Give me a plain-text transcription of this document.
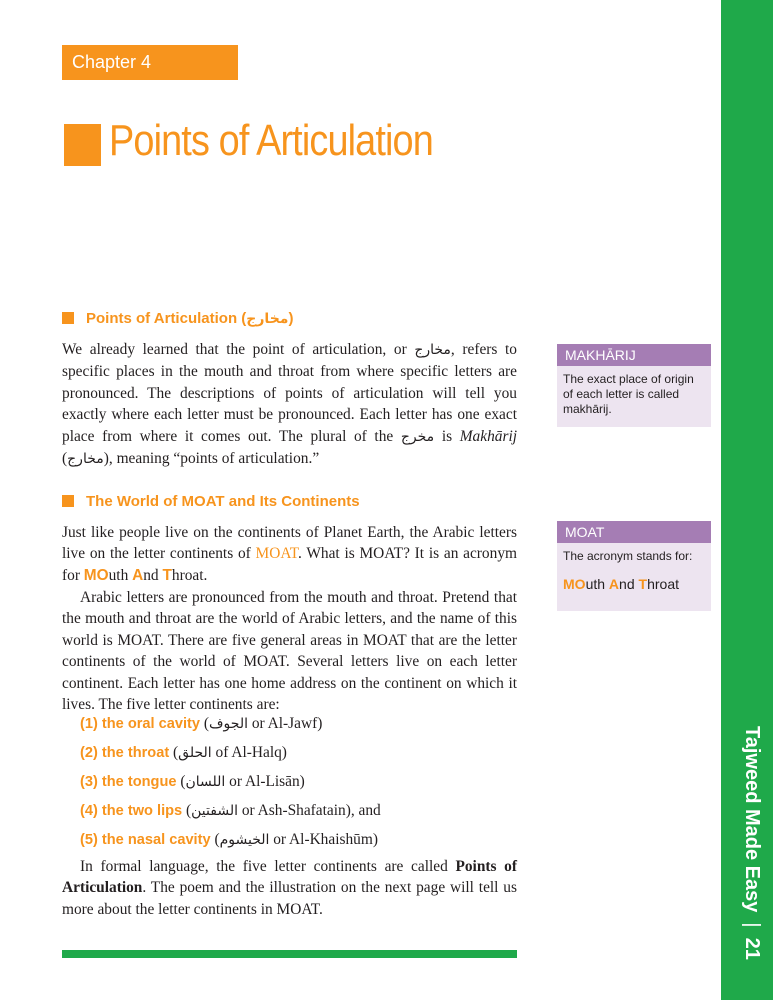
Tajweed Made Easy|21
Chapter 4
Points of Articulation
Points of Articulation (مخارج)
We already learned that the point of articulation, or مخارج, refers to specific places in the mouth and throat from where specific letters are pronounced. The descriptions of points of articulation will tell you exactly where each letter must be pronounced. Each letter has one exact place from where it comes out. The plural of the مخرج is Makhārij (مخارج), meaning “points of articulation.”
The World of MOAT and Its Continents
Just like people live on the continents of Planet Earth, the Arabic letters live on the letter continents of MOAT. What is MOAT? It is an acronym for MOuth And Throat.
Arabic letters are pronounced from the mouth and throat. Pretend that the mouth and throat are the world of Arabic letters, and the name of this world is MOAT. There are five general areas in MOAT that are the letter continents of the world of MOAT. Several letters live on each letter continent. Each letter has one home address on the continent on which it lives. The five letter continents are:
(1) the oral cavity (الجوف or Al-Jawf)
(2) the throat (الحلق of Al-Halq)
(3) the tongue (اللسان or Al-Lisān)
(4) the two lips (الشفتين or Ash-Shafatain), and
(5) the nasal cavity (الخيشوم or Al-Khaishūm)
In formal language, the five letter continents are called Points of Articulation. The poem and the illustration on the next page will tell us more about the letter continents in MOAT.
MAKHĀRIJ
The exact place of origin of each letter is called makhārij.
MOAT
The acronym stands for:
MOuth And Throat
